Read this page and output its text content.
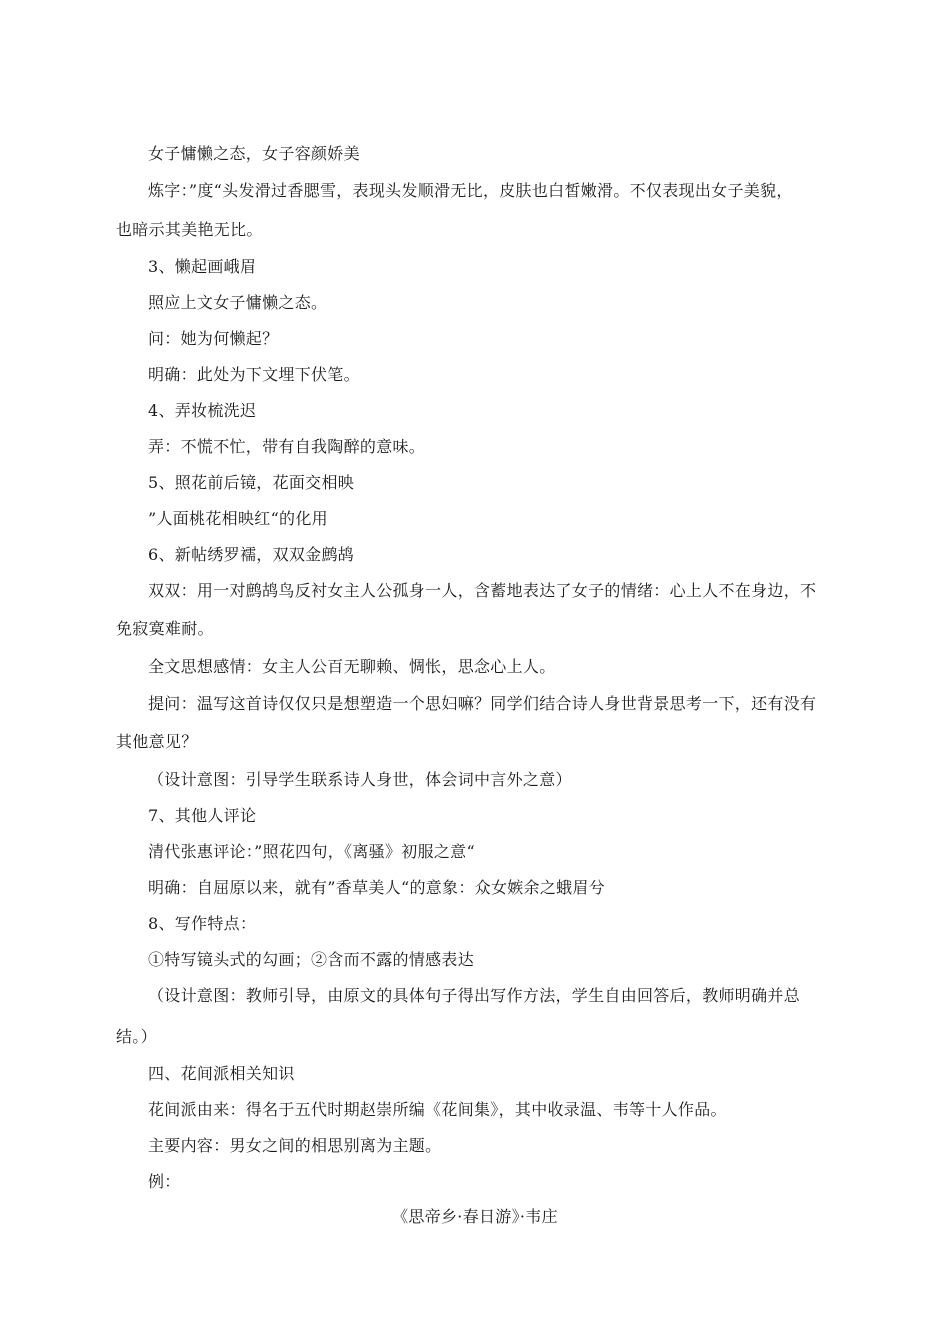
女子慵懒之态，女子容颜娇美

炼字：”度“头发滑过香腮雪，表现头发顺滑无比，皮肤也白皙嫩滑。不仅表现出女子美貌，

也暗示其美艳无比。

3、懒起画峨眉

照应上文女子慵懒之态。

问：她为何懒起？

明确：此处为下文埋下伏笔。

4、弄妆梳洗迟

弄：不慌不忙，带有自我陶醉的意味。

5、照花前后镜，花面交相映

”人面桃花相映红“的化用

6、新帖绣罗襦，双双金鹧鸪

双双：用一对鹧鸪鸟反衬女主人公孤身一人，含蓄地表达了女子的情绪：心上人不在身边，不

免寂寞难耐。

全文思想感情：女主人公百无聊赖、惆怅，思念心上人。

提问：温写这首诗仅仅只是想塑造一个思妇嘛？同学们结合诗人身世背景思考一下，还有没有

其他意见？

（设计意图：引导学生联系诗人身世，体会词中言外之意）

7、其他人评论

清代张惠评论：”照花四句，《离骚》初服之意“

明确：自屈原以来，就有”香草美人“的意象：众女嫉余之蛾眉兮

8、写作特点：

①特写镜头式的勾画；②含而不露的情感表达

（设计意图：教师引导，由原文的具体句子得出写作方法，学生自由回答后，教师明确并总

结。）

四、花间派相关知识

花间派由来：得名于五代时期赵崇所编《花间集》，其中收录温、韦等十人作品。

主要内容：男女之间的相思别离为主题。

例：

《思帝乡·春日游》·韦庄
